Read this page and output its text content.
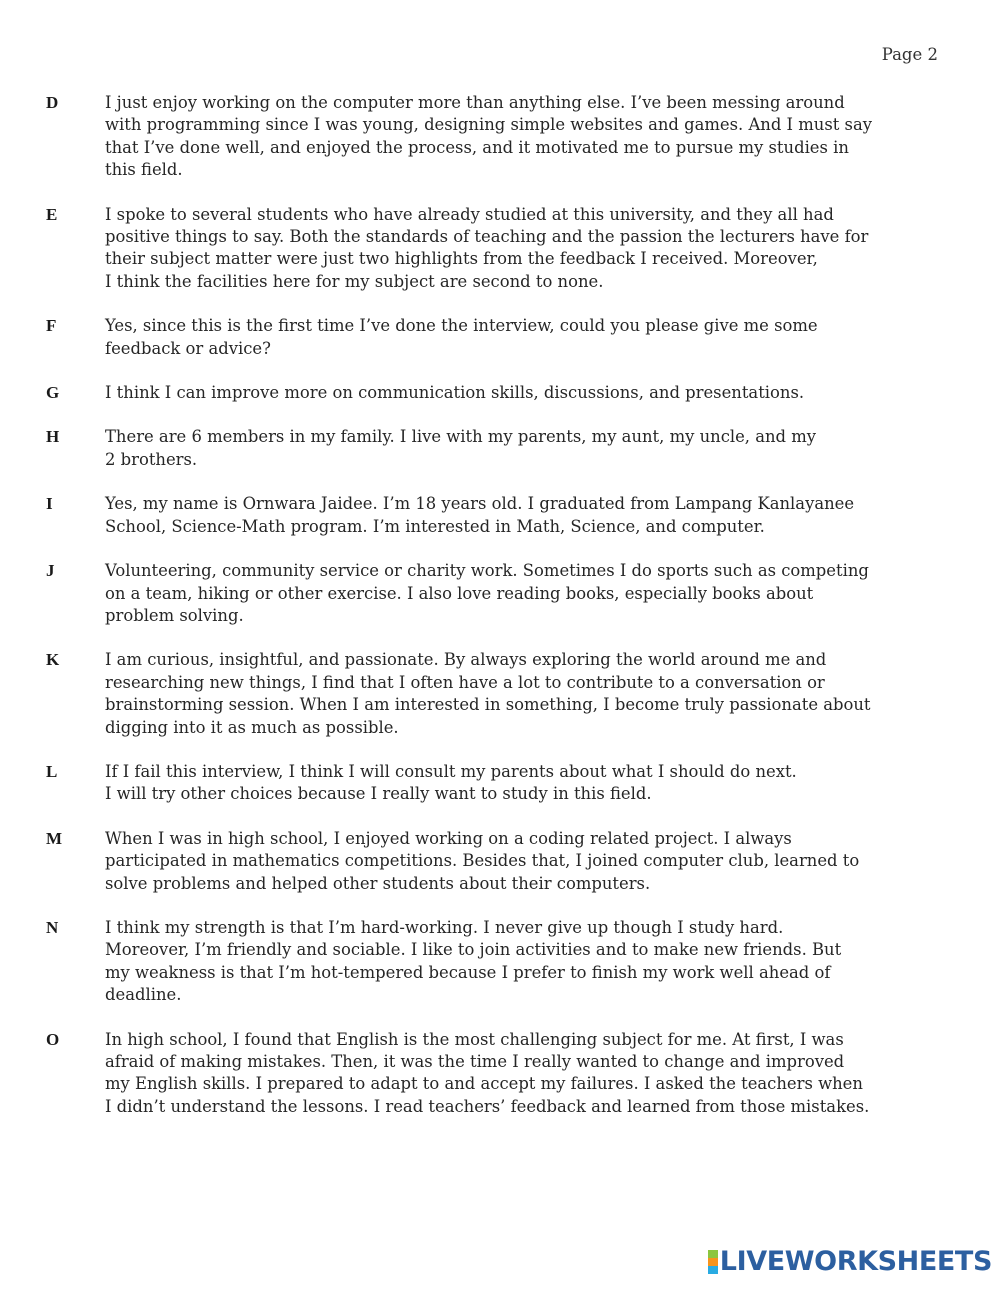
Page 2
D	I just enjoy working on the computer more than anything else. I’ve been messing around
with programming since I was young, designing simple websites and games. And I must say
that I’ve done well, and enjoyed the process, and it motivated me to pursue my studies in
this field.
E	I spoke to several students who have already studied at this university, and they all had
positive things to say. Both the standards of teaching and the passion the lecturers have for
their subject matter were just two highlights from the feedback I received. Moreover,
I think the facilities here for my subject are second to none.
F	Yes, since this is the first time I’ve done the interview, could you please give me some
feedback or advice?
G	I think I can improve more on communication skills, discussions, and presentations.
H	There are 6 members in my family. I live with my parents, my aunt, my uncle, and my
2 brothers.
I	Yes, my name is Ornwara Jaidee. I’m 18 years old. I graduated from Lampang Kanlayanee
School, Science-Math program. I’m interested in Math, Science, and computer.
J	Volunteering, community service or charity work. Sometimes I do sports such as competing
on a team, hiking or other exercise. I also love reading books, especially books about
problem solving.
K	I am curious, insightful, and passionate. By always exploring the world around me and
researching new things, I find that I often have a lot to contribute to a conversation or
brainstorming session. When I am interested in something, I become truly passionate about
digging into it as much as possible.
L	If I fail this interview, I think I will consult my parents about what I should do next.
I will try other choices because I really want to study in this field.
M	When I was in high school, I enjoyed working on a coding related project. I always
participated in mathematics competitions. Besides that, I joined computer club, learned to
solve problems and helped other students about their computers.
N	I think my strength is that I’m hard-working. I never give up though I study hard.
Moreover, I’m friendly and sociable. I like to join activities and to make new friends. But
my weakness is that I’m hot-tempered because I prefer to finish my work well ahead of
deadline.
O	In high school, I found that English is the most challenging subject for me. At first, I was
afraid of making mistakes. Then, it was the time I really wanted to change and improved
my English skills. I prepared to adapt to and accept my failures. I asked the teachers when
I didn’t understand the lessons. I read teachers’ feedback and learned from those mistakes.
LIVEWORKSHEETS
